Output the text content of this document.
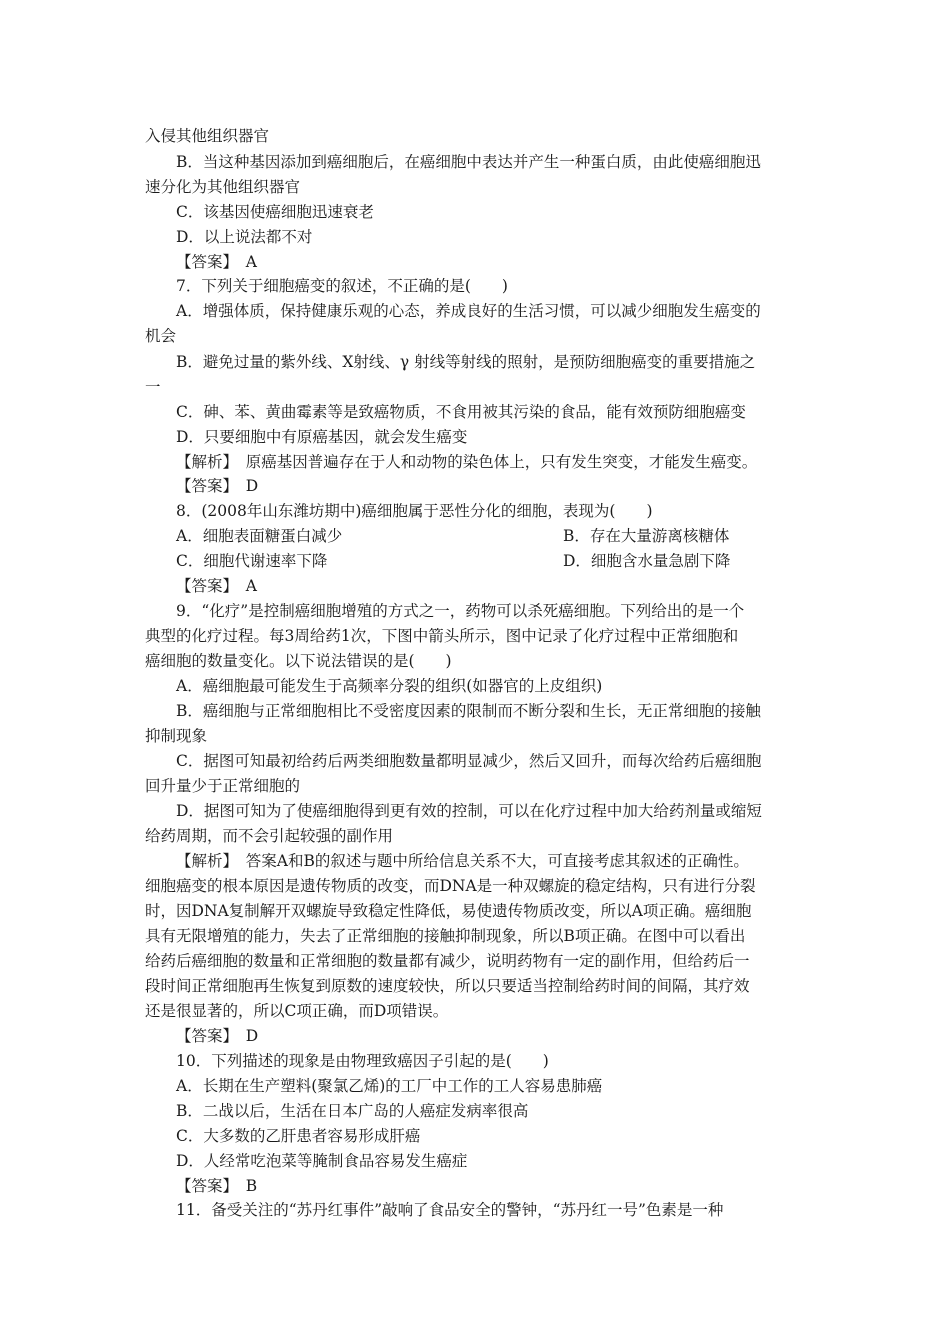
入侵其他组织器官
B．当这种基因添加到癌细胞后，在癌细胞中表达并产生一种蛋白质，由此使癌细胞迅
速分化为其他组织器官
C．该基因使癌细胞迅速衰老
D．以上说法都不对
【答案】　A
7．下列关于细胞癌变的叙述，不正确的是(　　)
A．增强体质，保持健康乐观的心态，养成良好的生活习惯，可以减少细胞发生癌变的
机会
B．避免过量的紫外线、X射线、γ 射线等射线的照射，是预防细胞癌变的重要措施之
一
C．砷、苯、黄曲霉素等是致癌物质，不食用被其污染的食品，能有效预防细胞癌变
D．只要细胞中有原癌基因，就会发生癌变
【解析】　原癌基因普遍存在于人和动物的染色体上，只有发生突变，才能发生癌变。
【答案】　D
8．(2008年山东潍坊期中)癌细胞属于恶性分化的细胞，表现为(　　)
A．细胞表面糖蛋白减少	B．存在大量游离核糖体
C．细胞代谢速率下降	D．细胞含水量急剧下降
【答案】　A
9．“化疗”是控制癌细胞增殖的方式之一，药物可以杀死癌细胞。下列给出的是一个
典型的化疗过程。每3周给药1次，下图中箭头所示，图中记录了化疗过程中正常细胞和
癌细胞的数量变化。以下说法错误的是(　　)
A．癌细胞最可能发生于高频率分裂的组织(如器官的上皮组织)
B．癌细胞与正常细胞相比不受密度因素的限制而不断分裂和生长，无正常细胞的接触
抑制现象
C．据图可知最初给药后两类细胞数量都明显减少，然后又回升，而每次给药后癌细胞
回升量少于正常细胞的
D．据图可知为了使癌细胞得到更有效的控制，可以在化疗过程中加大给药剂量或缩短
给药周期，而不会引起较强的副作用
【解析】　答案A和B的叙述与题中所给信息关系不大，可直接考虑其叙述的正确性。
细胞癌变的根本原因是遗传物质的改变，而DNA是一种双螺旋的稳定结构，只有进行分裂
时，因DNA复制解开双螺旋导致稳定性降低，易使遗传物质改变，所以A项正确。癌细胞
具有无限增殖的能力，失去了正常细胞的接触抑制现象，所以B项正确。在图中可以看出
给药后癌细胞的数量和正常细胞的数量都有减少，说明药物有一定的副作用，但给药后一
段时间正常细胞再生恢复到原数的速度较快，所以只要适当控制给药时间的间隔，其疗效
还是很显著的，所以C项正确，而D项错误。
【答案】　D
10．下列描述的现象是由物理致癌因子引起的是(　　)
A．长期在生产塑料(聚氯乙烯)的工厂中工作的工人容易患肺癌
B．二战以后，生活在日本广岛的人癌症发病率很高
C．大多数的乙肝患者容易形成肝癌
D．人经常吃泡菜等腌制食品容易发生癌症
【答案】　B
11．备受关注的“苏丹红事件”敲响了食品安全的警钟，“苏丹红一号”色素是一种
